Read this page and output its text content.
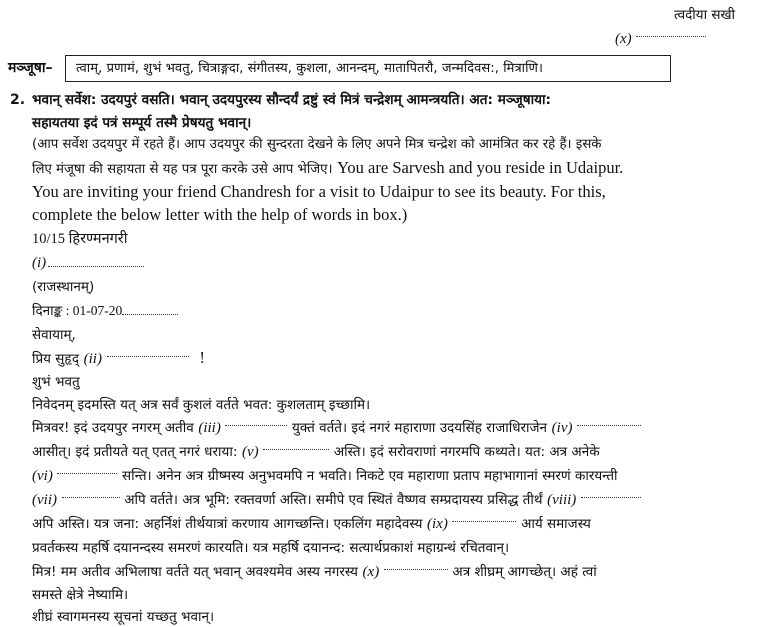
त्वदीया सखी
(x)
मञ्जूषा– त्वाम्, प्रणामं, शुभं भवतु, चित्राङ्गदा, संगीतस्य, कुशला, आनन्दम्, मातापितरौ, जन्मदिवस:, मित्राणि।
2. भवान् सर्वेश: उदयपुरं वसति। भवान् उदयपुरस्य सौन्दर्यं द्रष्टुं स्वं मित्रं चन्द्रेशम् आमन्त्रयति। अत: मञ्जूषाया:
सहायतया इदं पत्रं सम्पूर्य तस्मै प्रेषयतु भवान्।
(आप सर्वेश उदयपुर में रहते हैं। आप उदयपुर की सुन्दरता देखने के लिए अपने मित्र चन्द्रेश को आमंत्रित कर रहे हैं। इसके
लिए मंजूषा की सहायता से यह पत्र पूरा करके उसे आप भेजिए। You are Sarvesh and you reside in Udaipur.
You are inviting your friend Chandresh for a visit to Udaipur to see its beauty. For this,
complete the below letter with the help of words in box.)
10/15 हिरण्मनगरी
(i)
(राजस्थानम्)
दिनाङ्क : 01-07-20
सेवायाम्,
प्रिय सुहृद् (ii)	!
शुभं भवतु
निवेदनम् इदमस्ति यत् अत्र सर्वं कुशलं वर्तते भवत: कुशलताम् इच्छामि।
मित्रवर! इदं उदयपुर नगरम् अतीव (iii)	युक्तं वर्तते। इदं नगरं महाराणा उदयसिंह राजाधिराजेन (iv)
आसीत्। इदं प्रतीयते यत् एतत् नगरं धराया: (v)	अस्ति। इदं सरोवराणां नगरमपि कथ्यते। यत: अत्र अनेके
(vi)	सन्ति। अनेन अत्र ग्रीष्मस्य अनुभवमपि न भवति। निकटे एव महाराणा प्रताप महाभागानां स्मरणं कारयन्ती
(vii)	अपि वर्तते। अत्र भूमि: रक्तवर्णा अस्ति। समीपे एव स्थितं वैष्णव सम्प्रदायस्य प्रसिद्ध तीर्थं (viii)
अपि अस्ति। यत्र जना: अहर्निशं तीर्थयात्रां करणाय आगच्छन्ति। एकलिंग महादेवस्य (ix)	आर्य समाजस्य
प्रवर्तकस्य महर्षि दयानन्दस्य समरणं कारयति। यत्र महर्षि दयानन्द: सत्यार्थप्रकाशं महाग्रन्थं रचितवान्।
मित्र! मम अतीव अभिलाषा वर्तते यत् भवान् अवश्यमेव अस्य नगरस्य (x)	अत्र शीघ्रम् आगच्छेत्। अहं त्वां
समस्ते क्षेत्रे नेष्यामि।
शीघ्रं स्वागमनस्य सूचनां यच्छतु भवान्।
